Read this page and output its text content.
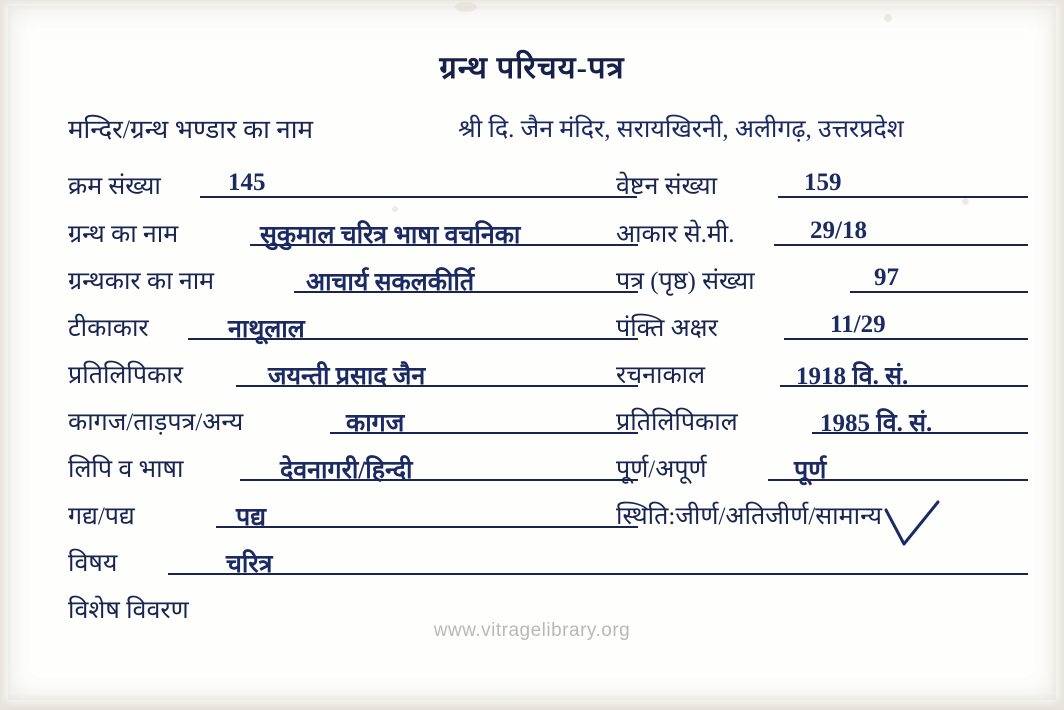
ग्रन्थ परिचय-पत्र
मन्दिर/ग्रन्थ भण्डार का नाम	श्री दि. जैन मंदिर, सरायखिरनी, अलीगढ़, उत्तरप्रदेश
क्रम संख्या	145	वेष्टन संख्या	159
ग्रन्थ का नाम	सुकुमाल चरित्र भाषा वचनिका	आकार से.मी.	29/18
ग्रन्थकार का नाम	आचार्य सकलकीर्ति	पत्र (पृष्ठ) संख्या	97
टीकाकार	नाथूलाल	पंक्ति अक्षर	11/29
प्रतिलिपिकार	जयन्ती प्रसाद जैन	रचनाकाल	1918 वि. सं.
कागज/ताड़पत्र/अन्य	कागज	प्रतिलिपिकाल	1985 वि. सं.
लिपि व भाषा	देवनागरी/हिन्दी	पूर्ण/अपूर्ण	पूर्ण
गद्य/पद्य	पद्य	स्थिति:जीर्ण/अतिजीर्ण/सामान्य
विषय	चरित्र
विशेष विवरण
www.vitragelibrary.org
